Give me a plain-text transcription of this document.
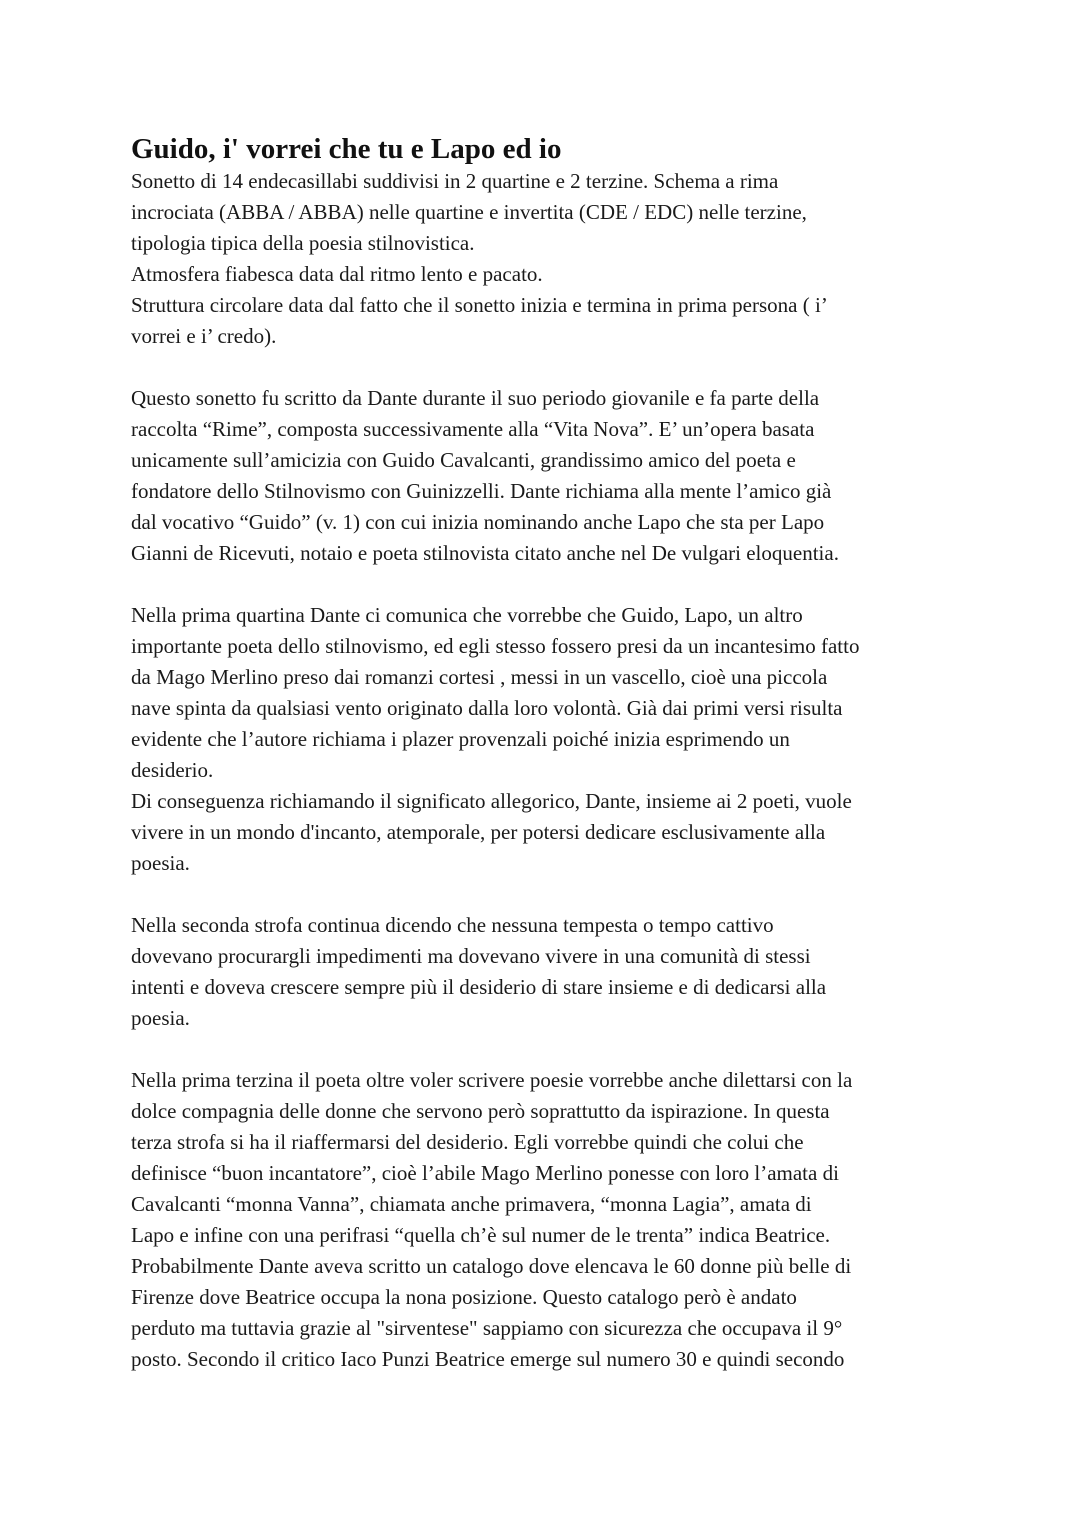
Guido, i' vorrei che tu e Lapo ed io
Sonetto di 14 endecasillabi suddivisi in 2 quartine e 2 terzine. Schema a rima
incrociata (ABBA / ABBA) nelle quartine e invertita (CDE / EDC) nelle terzine,
tipologia tipica della poesia stilnovistica.
Atmosfera fiabesca data dal ritmo lento e pacato.
Struttura circolare data dal fatto che il sonetto inizia e termina in prima persona ( i’
vorrei e i’ credo).
Questo sonetto fu scritto da Dante durante il suo periodo giovanile e fa parte della
raccolta “Rime”, composta successivamente alla “Vita Nova”. E’ un’opera basata
unicamente sull’amicizia con Guido Cavalcanti, grandissimo amico del poeta e
fondatore dello Stilnovismo con Guinizzelli. Dante richiama alla mente l’amico già
dal vocativo “Guido” (v. 1) con cui inizia nominando anche Lapo che sta per Lapo
Gianni de Ricevuti, notaio e poeta stilnovista citato anche nel De vulgari eloquentia.
Nella prima quartina Dante ci comunica che vorrebbe che Guido, Lapo, un altro
importante poeta dello stilnovismo, ed egli stesso fossero presi da un incantesimo fatto
da Mago Merlino preso dai romanzi cortesi , messi in un vascello, cioè una piccola
nave spinta da qualsiasi vento originato dalla loro volontà. Già dai primi versi risulta
evidente che l’autore richiama i plazer provenzali poiché inizia esprimendo un
desiderio.
Di conseguenza richiamando il significato allegorico, Dante, insieme ai 2 poeti, vuole
vivere in un mondo d'incanto, atemporale, per potersi dedicare esclusivamente alla
poesia.
Nella seconda strofa continua dicendo che nessuna tempesta o tempo cattivo
dovevano procurargli impedimenti ma dovevano vivere in una comunità di stessi
intenti e doveva crescere sempre più il desiderio di stare insieme e di dedicarsi alla
poesia.
Nella prima terzina il poeta oltre voler scrivere poesie vorrebbe anche dilettarsi con la
dolce compagnia delle donne che servono però soprattutto da ispirazione. In questa
terza strofa si ha il riaffermarsi del desiderio. Egli vorrebbe quindi che colui che
definisce “buon incantatore”, cioè l’abile Mago Merlino ponesse con loro l’amata di
Cavalcanti “monna Vanna”, chiamata anche primavera, “monna Lagia”, amata di
Lapo e infine con una perifrasi “quella ch’è sul numer de le trenta” indica Beatrice.
Probabilmente Dante aveva scritto un catalogo dove elencava le 60 donne più belle di
Firenze dove Beatrice occupa la nona posizione. Questo catalogo però è andato
perduto ma tuttavia grazie al "sirventese" sappiamo con sicurezza che occupava il 9°
posto. Secondo il critico Iaco Punzi Beatrice emerge sul numero 30 e quindi secondo
